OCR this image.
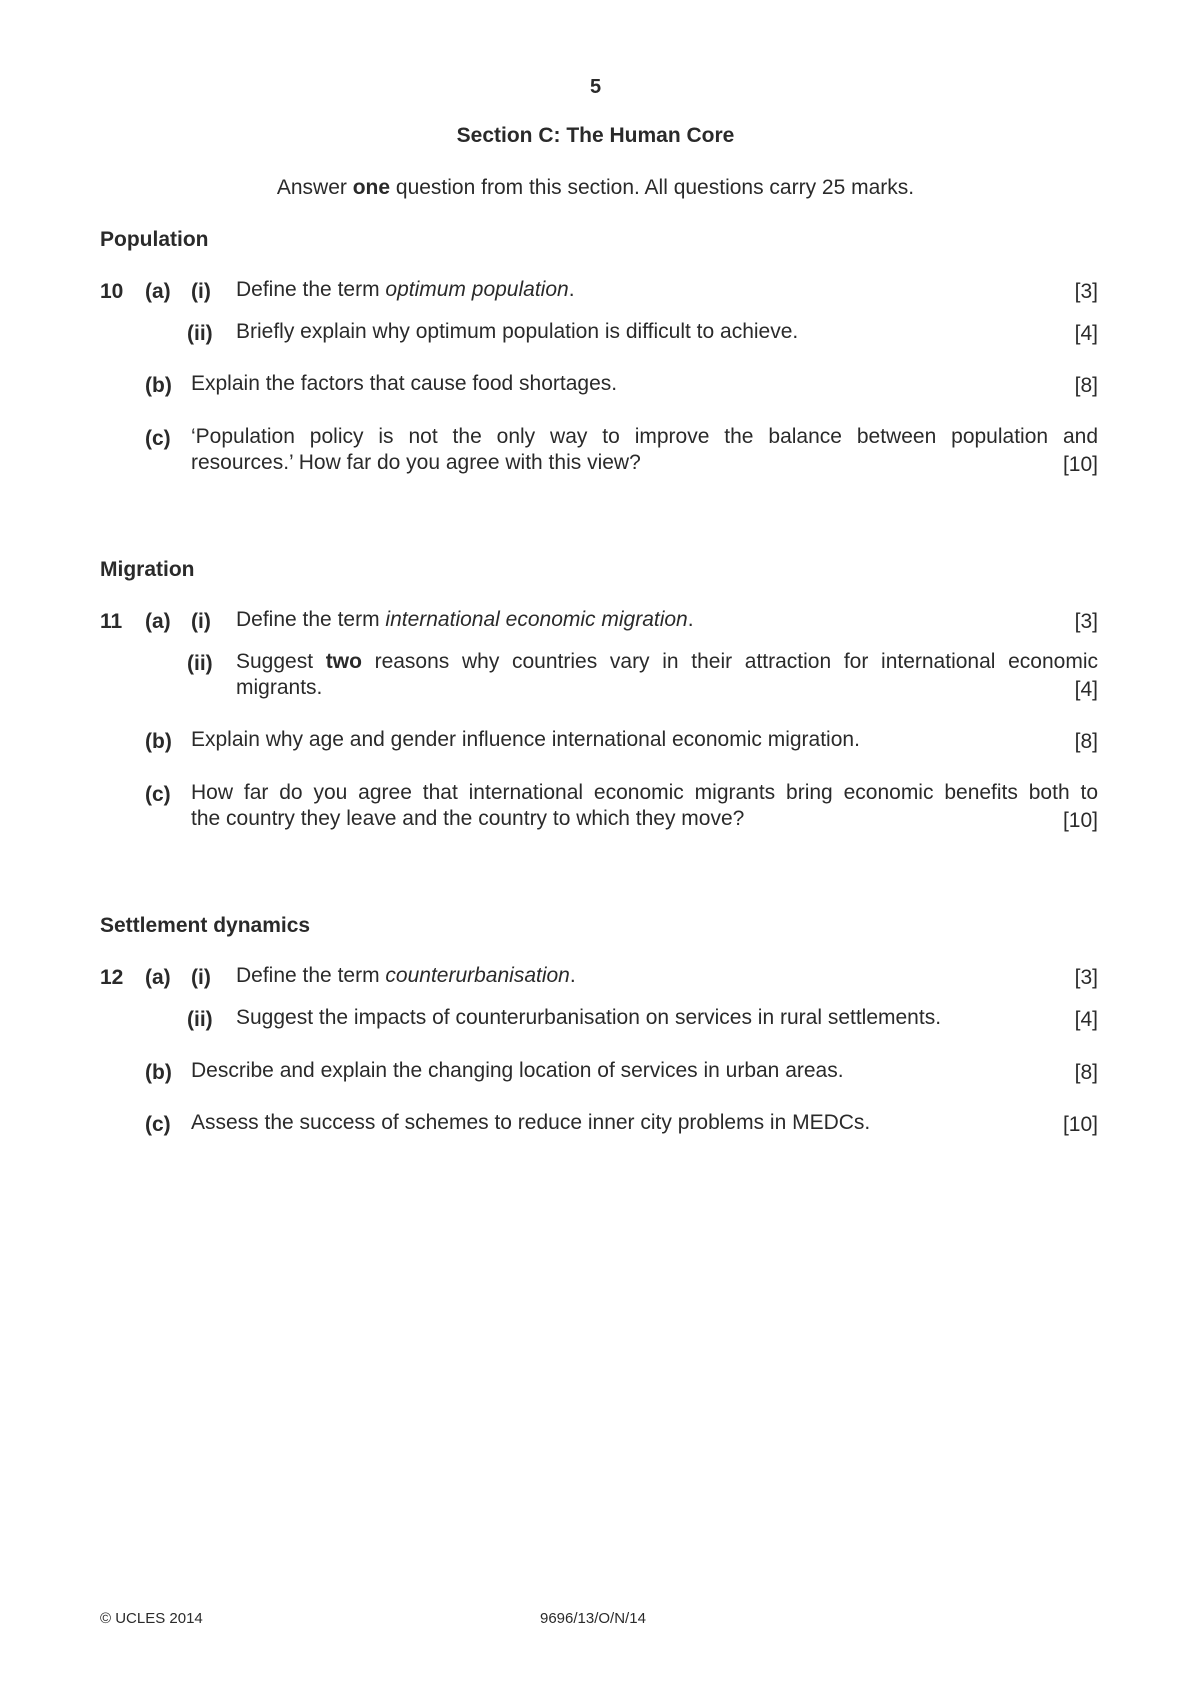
5
Section C: The Human Core
Answer one question from this section. All questions carry 25 marks.
Population
10 (a) (i) Define the term optimum population.	[3]
(ii) Briefly explain why optimum population is difficult to achieve.	[4]
(b) Explain the factors that cause food shortages.	[8]
(c) ‘Population policy is not the only way to improve the balance between population and
resources.’ How far do you agree with this view?	[10]
Migration
11 (a) (i) Define the term international economic migration.	[3]
(ii) Suggest two reasons why countries vary in their attraction for international economic
migrants.	[4]
(b) Explain why age and gender influence international economic migration.	[8]
(c) How far do you agree that international economic migrants bring economic benefits both to
the country they leave and the country to which they move?	[10]
Settlement dynamics
12 (a) (i) Define the term counterurbanisation.	[3]
(ii) Suggest the impacts of counterurbanisation on services in rural settlements.	[4]
(b) Describe and explain the changing location of services in urban areas.	[8]
(c) Assess the success of schemes to reduce inner city problems in MEDCs.	[10]
© UCLES 2014	9696/13/O/N/14
